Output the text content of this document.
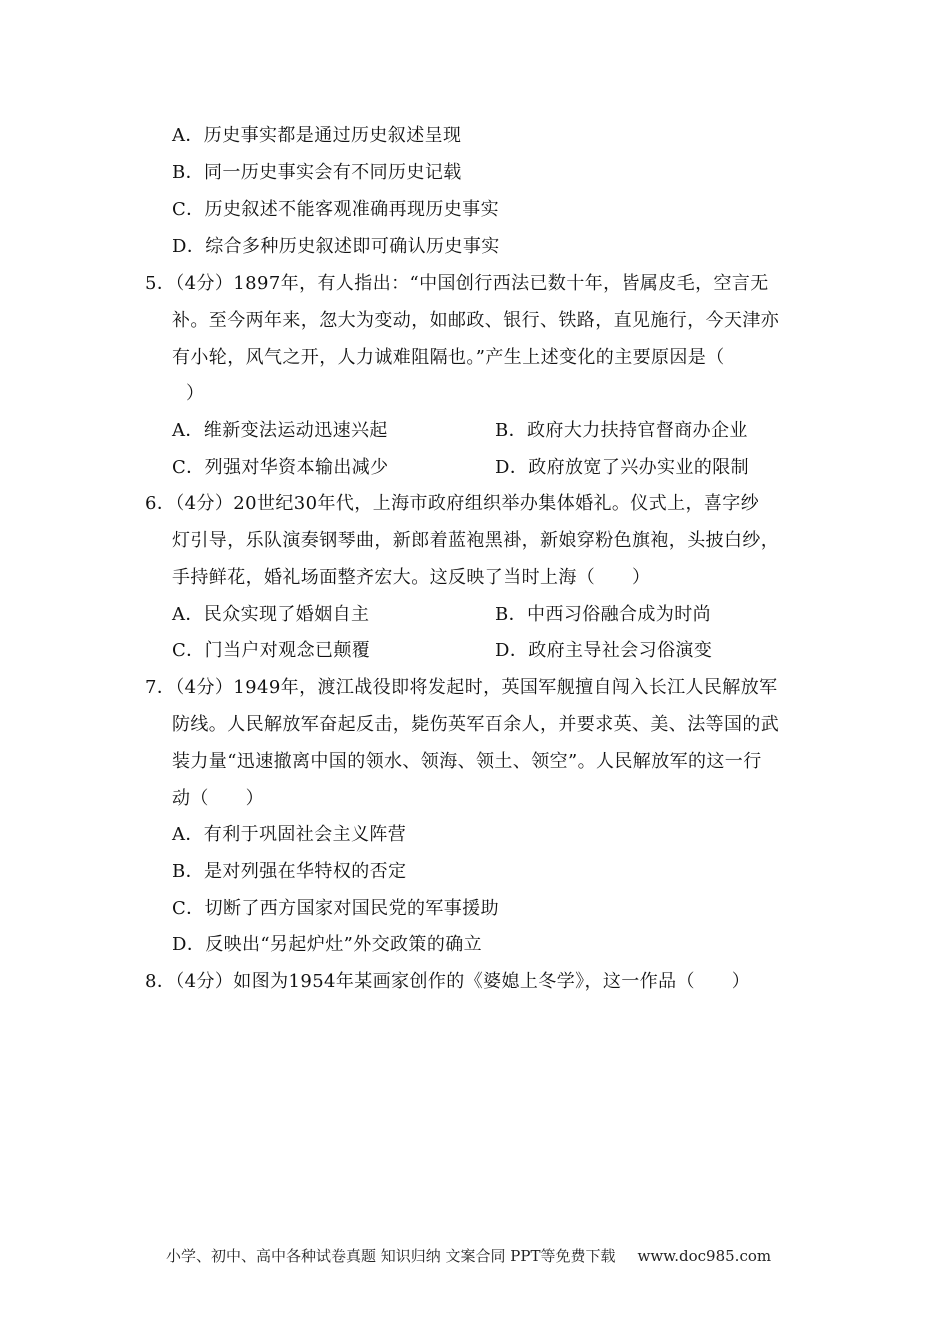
A．历史事实都是通过历史叙述呈现
B．同一历史事实会有不同历史记载
C．历史叙述不能客观准确再现历史事实
D．综合多种历史叙述即可确认历史事实
5．（4分）1897年，有人指出：“中国创行西法已数十年，皆属皮毛，空言无
补。至今两年来，忽大为变动，如邮政、银行、铁路，直见施行，今天津亦
有小轮，风气之开，人力诚难阻隔也。”产生上述变化的主要原因是（
）
A．维新变法运动迅速兴起	B．政府大力扶持官督商办企业
C．列强对华资本输出减少	D．政府放宽了兴办实业的限制
6．（4分）20世纪30年代，上海市政府组织举办集体婚礼。仪式上，喜字纱
灯引导，乐队演奏钢琴曲，新郎着蓝袍黑褂，新娘穿粉色旗袍，头披白纱，
手持鲜花，婚礼场面整齐宏大。这反映了当时上海（　　）
A．民众实现了婚姻自主	B．中西习俗融合成为时尚
C．门当户对观念已颠覆	D．政府主导社会习俗演变
7．（4分）1949年，渡江战役即将发起时，英国军舰擅自闯入长江人民解放军
防线。人民解放军奋起反击，毙伤英军百余人，并要求英、美、法等国的武
装力量“迅速撤离中国的领水、领海、领土、领空”。人民解放军的这一行
动（　　）
A．有利于巩固社会主义阵营
B．是对列强在华特权的否定
C．切断了西方国家对国民党的军事援助
D．反映出“另起炉灶”外交政策的确立
8．（4分）如图为1954年某画家创作的《婆媳上冬学》，这一作品（　　）
小学、初中、高中各种试卷真题 知识归纳 文案合同 PPT等免费下载 www.doc985.com
